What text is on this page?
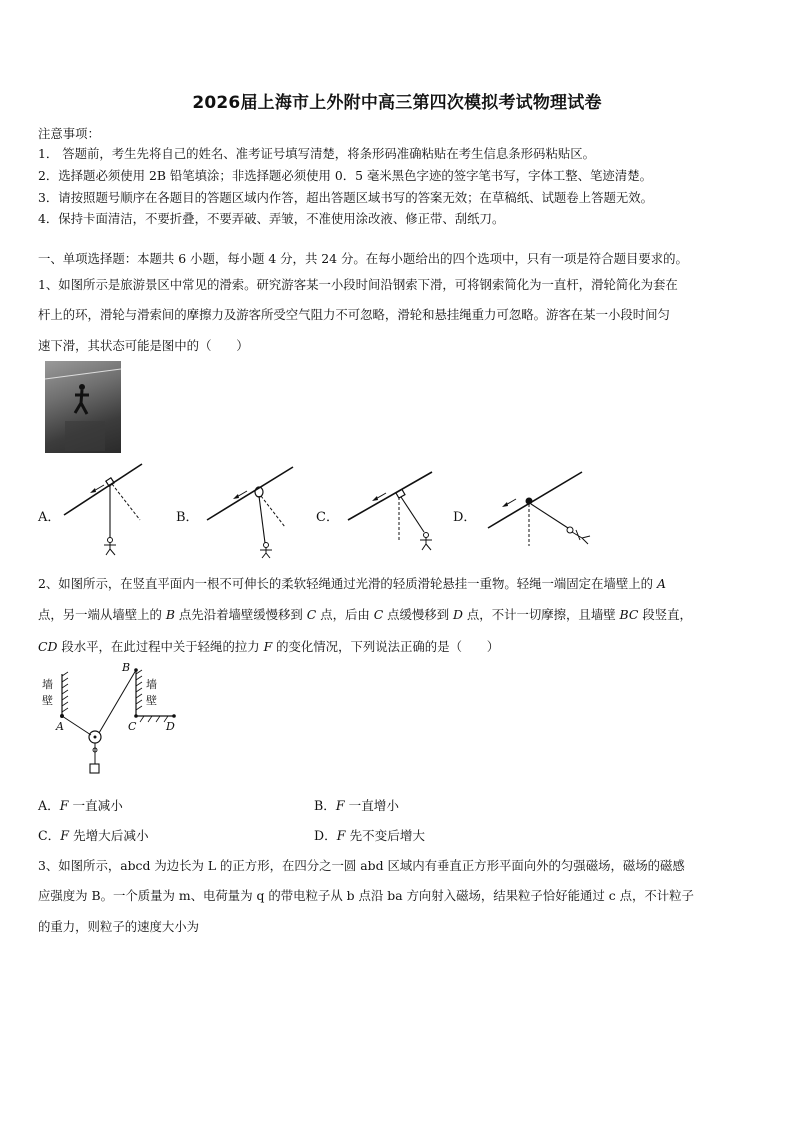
2026届上海市上外附中高三第四次模拟考试物理试卷
注意事项：
1． 答题前，考生先将自己的姓名、准考证号填写清楚，将条形码准确粘贴在考生信息条形码粘贴区。
2．选择题必须使用 2B 铅笔填涂；非选择题必须使用 0．5 毫米黑色字迹的签字笔书写，字体工整、笔迹清楚。
3．请按照题号顺序在各题目的答题区域内作答，超出答题区域书写的答案无效；在草稿纸、试题卷上答题无效。
4．保持卡面清洁，不要折叠，不要弄破、弄皱，不准使用涂改液、修正带、刮纸刀。
一、单项选择题：本题共 6 小题，每小题 4 分，共 24 分。在每小题给出的四个选项中，只有一项是符合题目要求的。
1、如图所示是旅游景区中常见的滑索。研究游客某一小段时间沿钢索下滑，可将钢索简化为一直杆，滑轮简化为套在
杆上的环，滑轮与滑索间的摩擦力及游客所受空气阻力不可忽略，滑轮和悬挂绳重力可忽略。游客在某一小段时间匀
速下滑，其状态可能是图中的（　　）
A．	B．	C．	D．
2、如图所示，在竖直平面内一根不可伸长的柔软轻绳通过光滑的轻质滑轮悬挂一重物。轻绳一端固定在墙壁上的 A
点，另一端从墙壁上的 B 点先沿着墙壁缓慢移到 C 点，后由 C 点缓慢移到 D 点，不计一切摩擦，且墙壁 BC 段竖直，
CD 段水平，在此过程中关于轻绳的拉力 F 的变化情况，下列说法正确的是（　　）
墙
壁
墙
壁
A
B
C	D
A．F 一直减小	B．F 一直增小
C．F 先增大后减小	D．F 先不变后增大
3、如图所示，abcd 为边长为 L 的正方形，在四分之一圆 abd 区域内有垂直正方形平面向外的匀强磁场，磁场的磁感
应强度为 B。一个质量为 m、电荷量为 q 的带电粒子从 b 点沿 ba 方向射入磁场，结果粒子恰好能通过 c 点，不计粒子
的重力，则粒子的速度大小为
